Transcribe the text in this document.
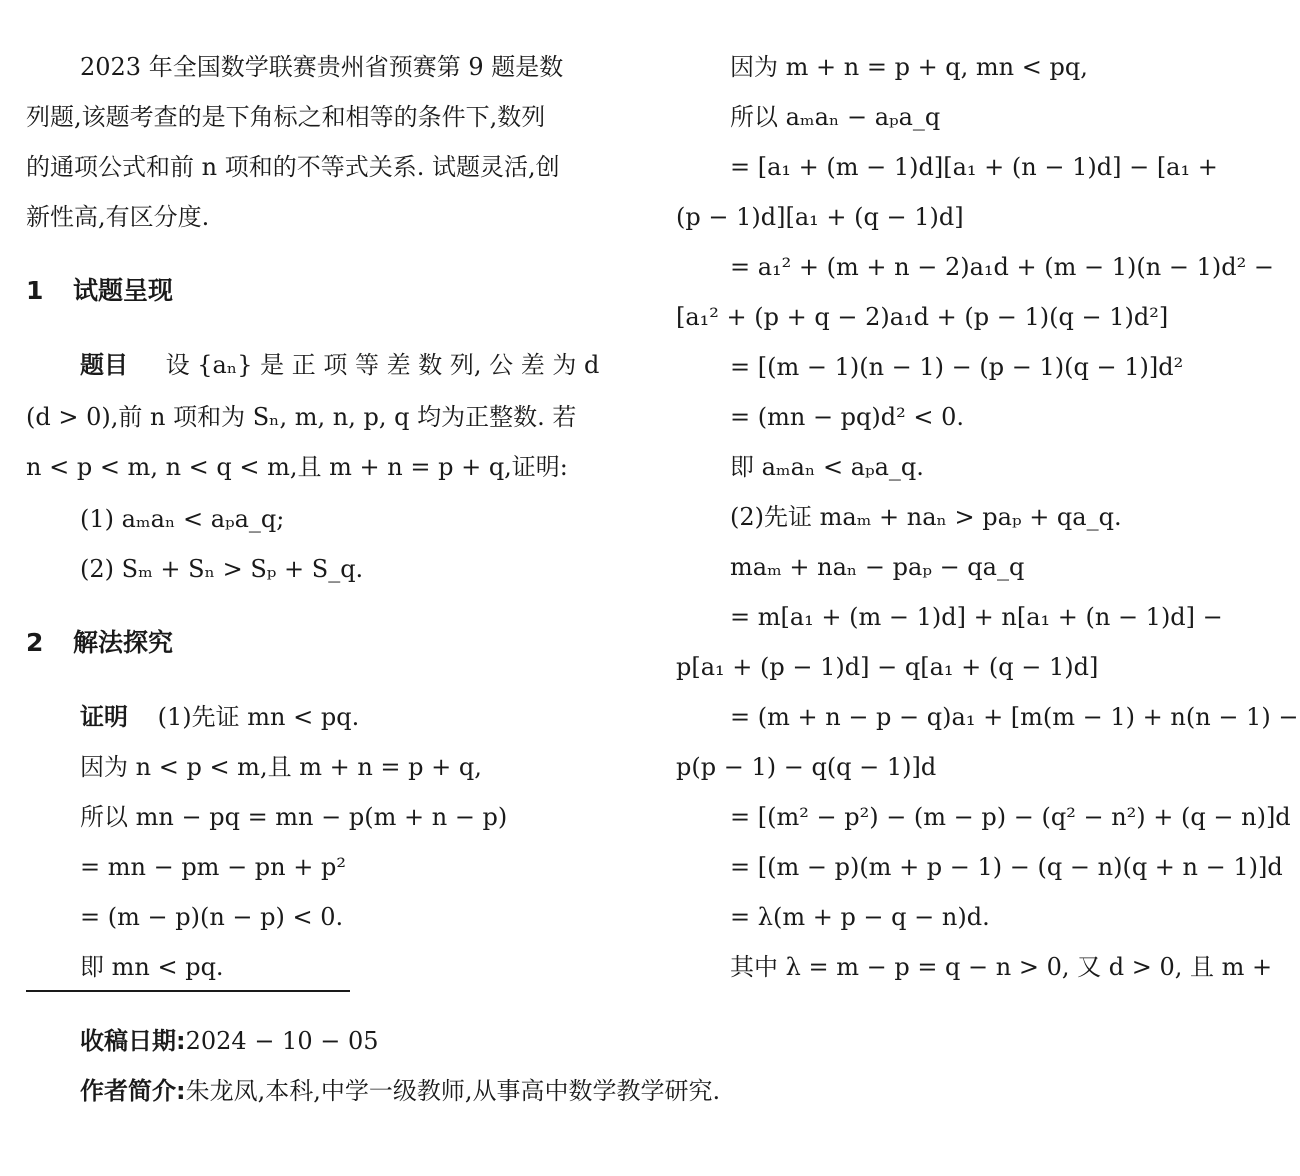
2023 年全国数学联赛贵州省预赛第 9 题是数
列题,该题考查的是下角标之和相等的条件下,数列
的通项公式和前 n 项和的不等式关系. 试题灵活,创
新性高,有区分度.
1 试题呈现
题目 设 {aₙ} 是 正 项 等 差 数 列, 公 差 为 d
(d > 0),前 n 项和为 Sₙ, m, n, p, q 均为正整数. 若
n < p < m, n < q < m,且 m + n = p + q,证明:
(1) aₘaₙ < aₚa_q;
(2) Sₘ + Sₙ > Sₚ + S_q.
2 解法探究
证明 (1)先证 mn < pq.
因为 n < p < m,且 m + n = p + q,
所以 mn − pq = mn − p(m + n − p)
= mn − pm − pn + p²
= (m − p)(n − p) < 0.
即 mn < pq.
因为 m + n = p + q, mn < pq,
所以 aₘaₙ − aₚa_q
= [a₁ + (m − 1)d][a₁ + (n − 1)d] − [a₁ +
(p − 1)d][a₁ + (q − 1)d]
= a₁² + (m + n − 2)a₁d + (m − 1)(n − 1)d² −
[a₁² + (p + q − 2)a₁d + (p − 1)(q − 1)d²]
= [(m − 1)(n − 1) − (p − 1)(q − 1)]d²
= (mn − pq)d² < 0.
即 aₘaₙ < aₚa_q.
(2)先证 maₘ + naₙ > paₚ + qa_q.
maₘ + naₙ − paₚ − qa_q
= m[a₁ + (m − 1)d] + n[a₁ + (n − 1)d] −
p[a₁ + (p − 1)d] − q[a₁ + (q − 1)d]
= (m + n − p − q)a₁ + [m(m − 1) + n(n − 1) −
p(p − 1) − q(q − 1)]d
= [(m² − p²) − (m − p) − (q² − n²) + (q − n)]d
= [(m − p)(m + p − 1) − (q − n)(q + n − 1)]d
= λ(m + p − q − n)d.
其中 λ = m − p = q − n > 0, 又 d > 0, 且 m +
收稿日期:2024 − 10 − 05
作者简介:朱龙凤,本科,中学一级教师,从事高中数学教学研究.
